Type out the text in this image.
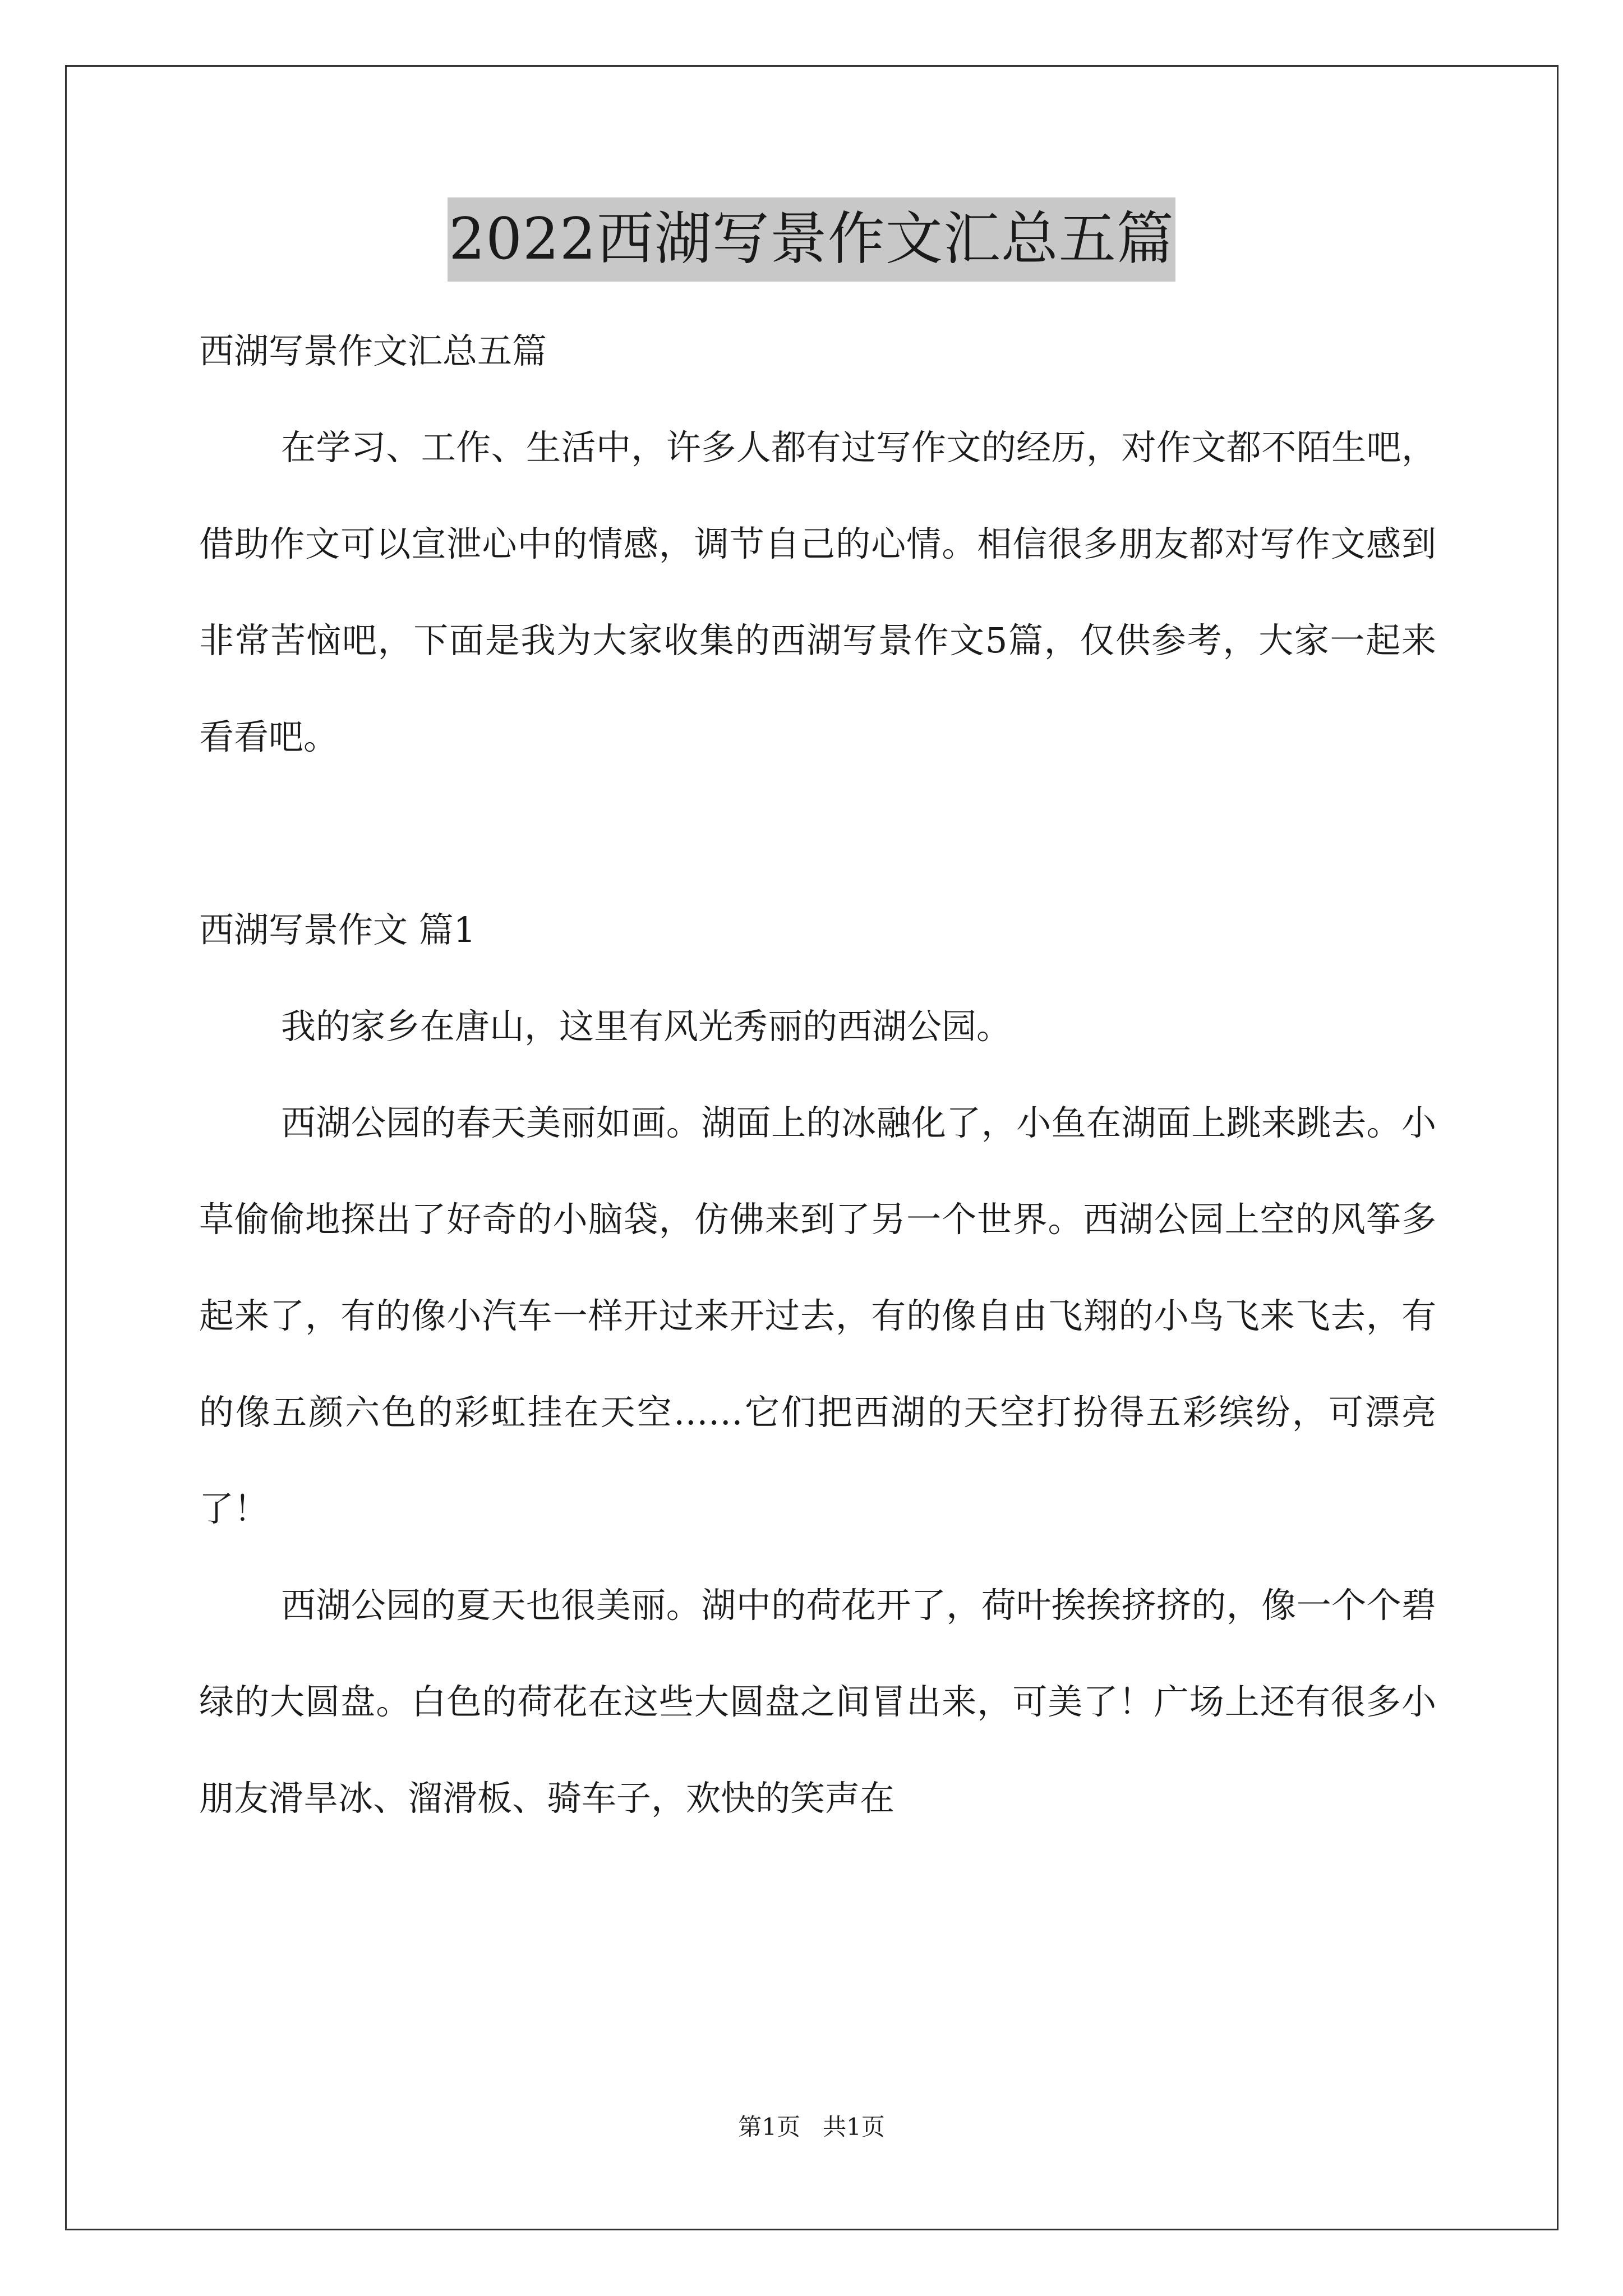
2022西湖写景作文汇总五篇

西湖写景作文汇总五篇

在学习、工作、生活中，许多人都有过写作文的经历，对作文都不陌生吧，借助作文可以宣泄心中的情感，调节自己的心情。相信很多朋友都对写作文感到非常苦恼吧，下面是我为大家收集的西湖写景作文5篇，仅供参考，大家一起来看看吧。

西湖写景作文 篇1

我的家乡在唐山，这里有风光秀丽的西湖公园。

西湖公园的春天美丽如画。湖面上的冰融化了，小鱼在湖面上跳来跳去。小草偷偷地探出了好奇的小脑袋，仿佛来到了另一个世界。西湖公园上空的风筝多起来了，有的像小汽车一样开过来开过去，有的像自由飞翔的小鸟飞来飞去，有的像五颜六色的彩虹挂在天空……它们把西湖的天空打扮得五彩缤纷，可漂亮了！

西湖公园的夏天也很美丽。湖中的荷花开了，荷叶挨挨挤挤的，像一个个碧绿的大圆盘。白色的荷花在这些大圆盘之间冒出来，可美了！广场上还有很多小朋友滑旱冰、溜滑板、骑车子，欢快的笑声在

第1页   共1页
